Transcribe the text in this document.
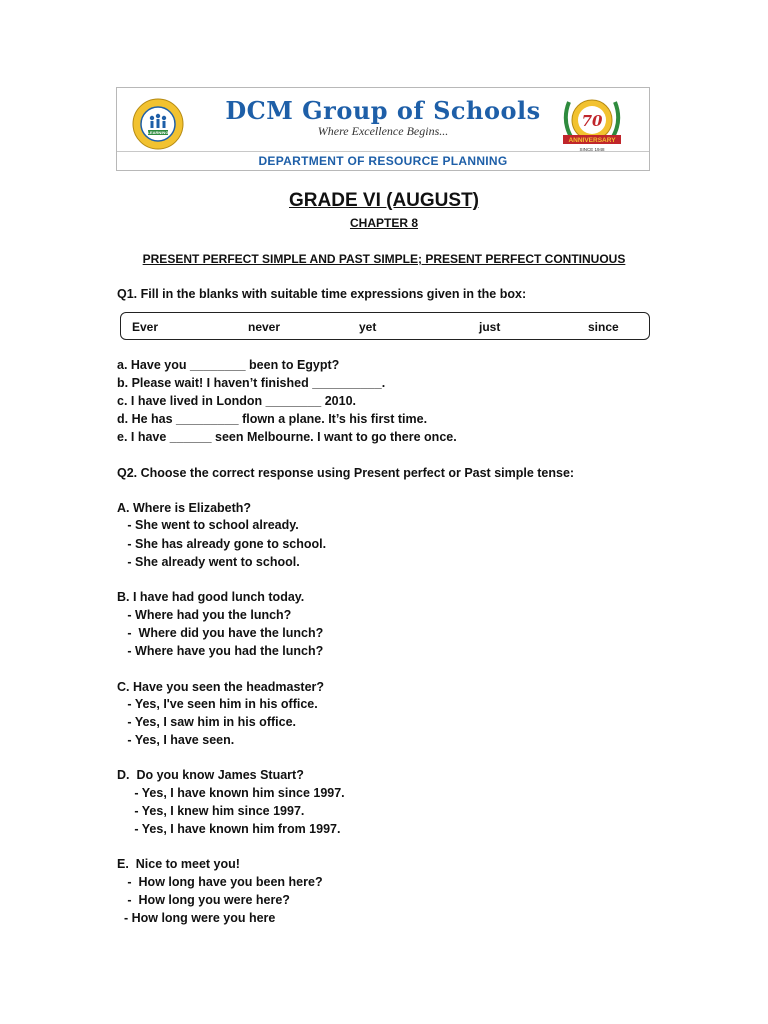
LEARNING
DCM Group of Schools
Where Excellence Begins...
70
ANNIVERSARY
SINCE 1948
DEPARTMENT OF RESOURCE PLANNING
GRADE VI (AUGUST)
CHAPTER 8
PRESENT PERFECT SIMPLE AND PAST SIMPLE; PRESENT PERFECT CONTINUOUS
Q1. Fill in the blanks with suitable time expressions given in the box:
Ever	never	yet	just	since
a. Have you ________ been to Egypt?
b. Please wait! I haven’t finished __________.
c. I have lived in London ________ 2010.
d. He has _________ flown a plane. It’s his first time.
e. I have ______ seen Melbourne. I want to go there once.
Q2. Choose the correct response using Present perfect or Past simple tense:
A. Where is Elizabeth?
- She went to school already.
- She has already gone to school.
- She already went to school.
B. I have had good lunch today.
- Where had you the lunch?
-  Where did you have the lunch?
- Where have you had the lunch?
C. Have you seen the headmaster?
- Yes, I've seen him in his office.
- Yes, I saw him in his office.
- Yes, I have seen.
D.  Do you know James Stuart?
- Yes, I have known him since 1997.
- Yes, I knew him since 1997.
- Yes, I have known him from 1997.
E.  Nice to meet you!
-  How long have you been here?
-  How long you were here?
- How long were you here
